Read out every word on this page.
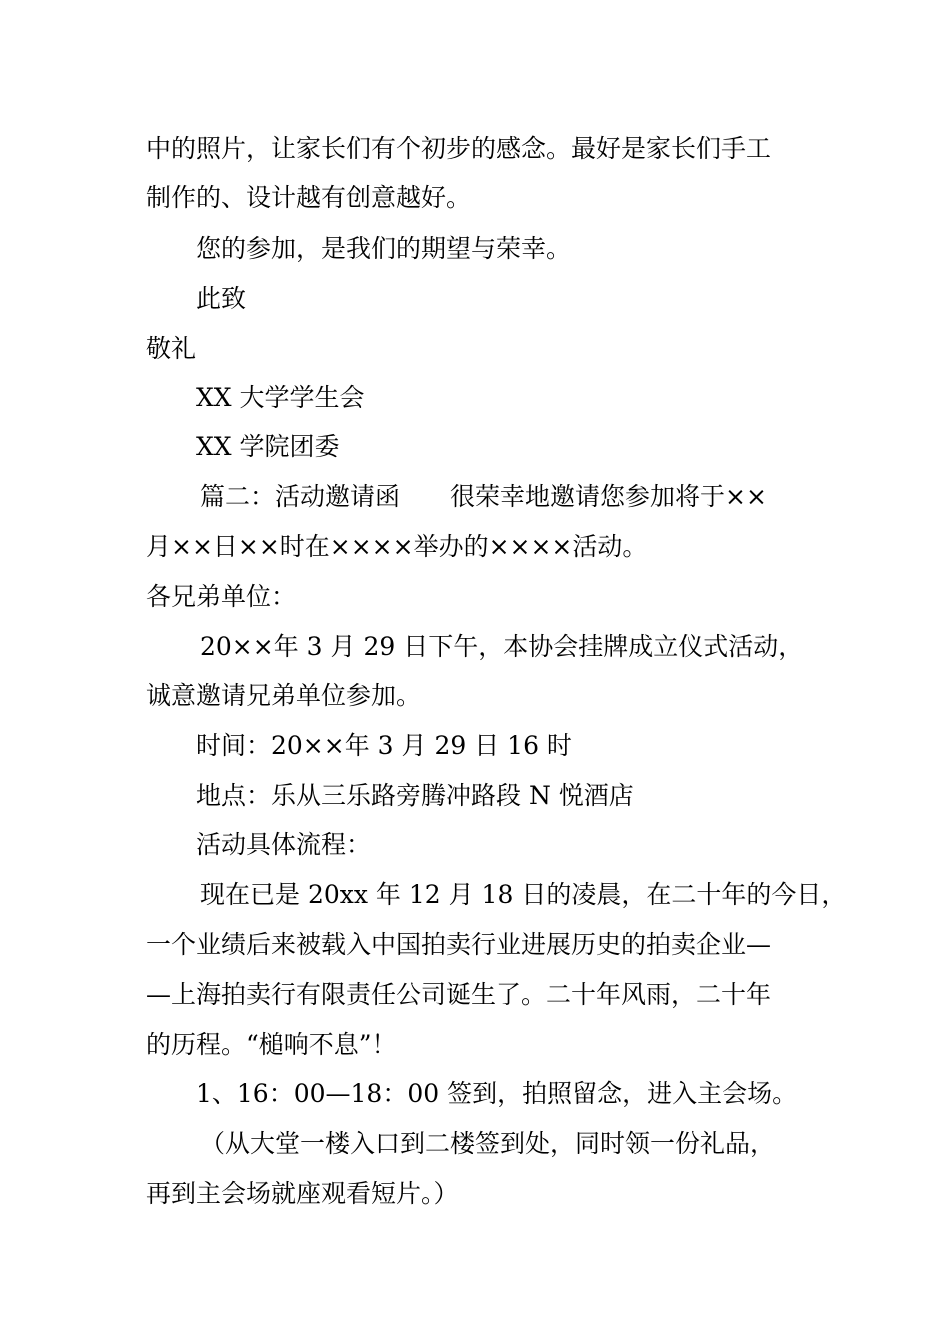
中的照片，让家长们有个初步的感念。最好是家长们手工
制作的、设计越有创意越好。
您的参加，是我们的期望与荣幸。
此致
敬礼
XX 大学学生会
XX 学院团委
篇二：活动邀请函　　很荣幸地邀请您参加将于××
月××日××时在××××举办的××××活动。
各兄弟单位：
20××年 3 月 29 日下午，本协会挂牌成立仪式活动，
诚意邀请兄弟单位参加。
时间：20××年 3 月 29 日 16 时
地点：乐从三乐路旁腾冲路段 N 悦酒店
活动具体流程：
现在已是 20xx 年 12 月 18 日的凌晨，在二十年的今日，
一个业绩后来被载入中国拍卖行业进展历史的拍卖企业—
—上海拍卖行有限责任公司诞生了。二十年风雨，二十年
的历程。“槌响不息”！
1、16：00—18：00 签到，拍照留念，进入主会场。
（从大堂一楼入口到二楼签到处，同时领一份礼品，
再到主会场就座观看短片。）
